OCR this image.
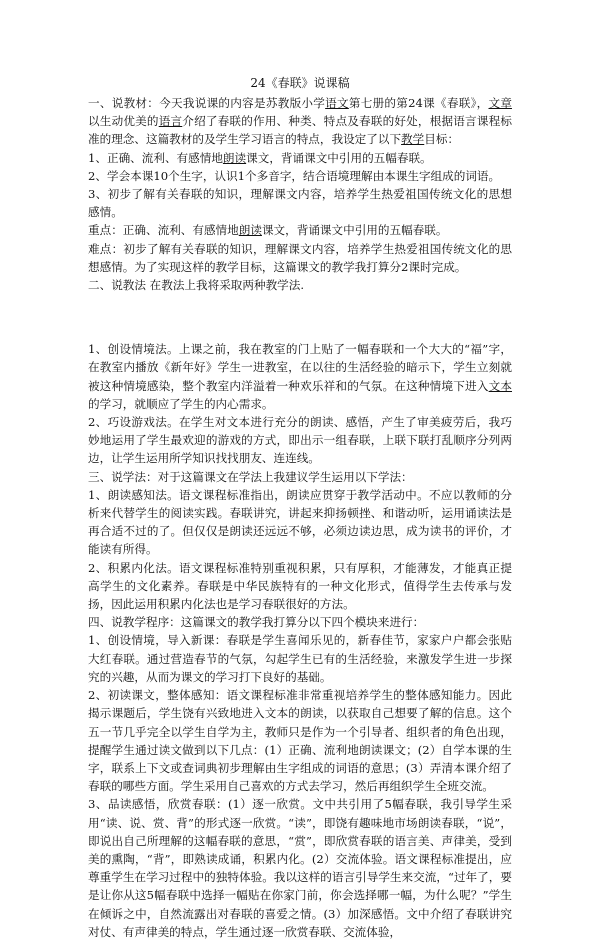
24《春联》说课稿

一、说教材：今天我说课的内容是苏教版小学语文第七册的第24课《春联》，文章以生动优美的语言介绍了春联的作用、种类、特点及春联的好处，根据语言课程标准的理念、这篇教材的及学生学习语言的特点，我设定了以下教学目标：

1、正确、流利、有感情地朗读课文，背诵课文中引用的五幅春联。

2、学会本课10个生字，认识1个多音字，结合语境理解由本课生字组成的词语。

3、初步了解有关春联的知识，理解课文内容，培养学生热爱祖国传统文化的思想感情。

重点：正确、流利、有感情地朗读课文，背诵课文中引用的五幅春联。

难点：初步了解有关春联的知识，理解课文内容，培养学生热爱祖国传统文化的思想感情。为了实现这样的教学目标，这篇课文的教学我打算分2课时完成。

二、说教法 在教法上我将采取两种教学法.

1、创设情境法。上课之前，我在教室的门上贴了一幅春联和一个大大的“福”字，在教室内播放《新年好》学生一进教室，在以往的生活经验的暗示下，学生立刻就被这种情境感染，整个教室内洋溢着一种欢乐祥和的气氛。在这种情境下进入文本的学习，就顺应了学生的内心需求。

2、巧设游戏法。在学生对文本进行充分的朗读、感悟，产生了审美疲劳后，我巧妙地运用了学生最欢迎的游戏的方式，即出示一组春联，上联下联打乱顺序分列两边，让学生运用所学知识找找朋友、连连线。

三、说学法：对于这篇课文在学法上我建议学生运用以下学法：

1、朗读感知法。语文课程标准指出，朗读应贯穿于教学活动中。不应以教师的分析来代替学生的阅读实践。春联讲究，讲起来抑扬顿挫、和谐动听，运用诵读法是再合适不过的了。但仅仅是朗读还远远不够，必须边读边思，成为读书的评价，才能读有所得。

2、积累内化法。语文课程标准特别重视积累，只有厚积，才能薄发，才能真正提高学生的文化素养。春联是中华民族特有的一种文化形式，值得学生去传承与发扬，因此运用积累内化法也是学习春联很好的方法。

四、说教学程序：这篇课文的教学我打算分以下四个模块来进行：

1、创设情境，导入新课：春联是学生喜闻乐见的，新春佳节，家家户户都会张贴大红春联。通过营造春节的气氛，勾起学生已有的生活经验，来激发学生进一步探究的兴趣，从而为课文的学习打下良好的基础。

2、初读课文，整体感知：语文课程标准非常重视培养学生的整体感知能力。因此揭示课题后，学生饶有兴致地进入文本的朗读，以获取自己想要了解的信息。这个五一节几乎完全以学生自学为主，教师只是作为一个引导者、组织者的角色出现，提醒学生通过读文做到以下几点：(1）正确、流利地朗读课文；(2）自学本课的生字，联系上下文或查词典初步理解由生字组成的词语的意思；(3）弄清本课介绍了春联的哪些方面。学生采用自己喜欢的方式去学习，然后再组织学生全班交流。

3、品读感悟，欣赏春联：(1）逐一欣赏。文中共引用了5幅春联，我引导学生采用“读、说、赏、背”的形式逐一欣赏。“读”，即饶有趣味地市场朗读春联，“说”，即说出自己所理解的这幅春联的意思，“赏”，即欣赏春联的语言美、声律美，受到美的熏陶，“背”，即熟读成诵，积累内化。(2）交流体验。语文课程标准提出，应尊重学生在学习过程中的独特体验。我以这样的语言引导学生来交流，“过年了，要是让你从这5幅春联中选择一幅贴在你家门前，你会选择哪一幅，为什么呢？”学生在倾诉之中，自然流露出对春联的喜爱之情。(3）加深感悟。文中介绍了春联讲究对仗、有声律美的特点，学生通过逐一欣赏春联、交流体验，
